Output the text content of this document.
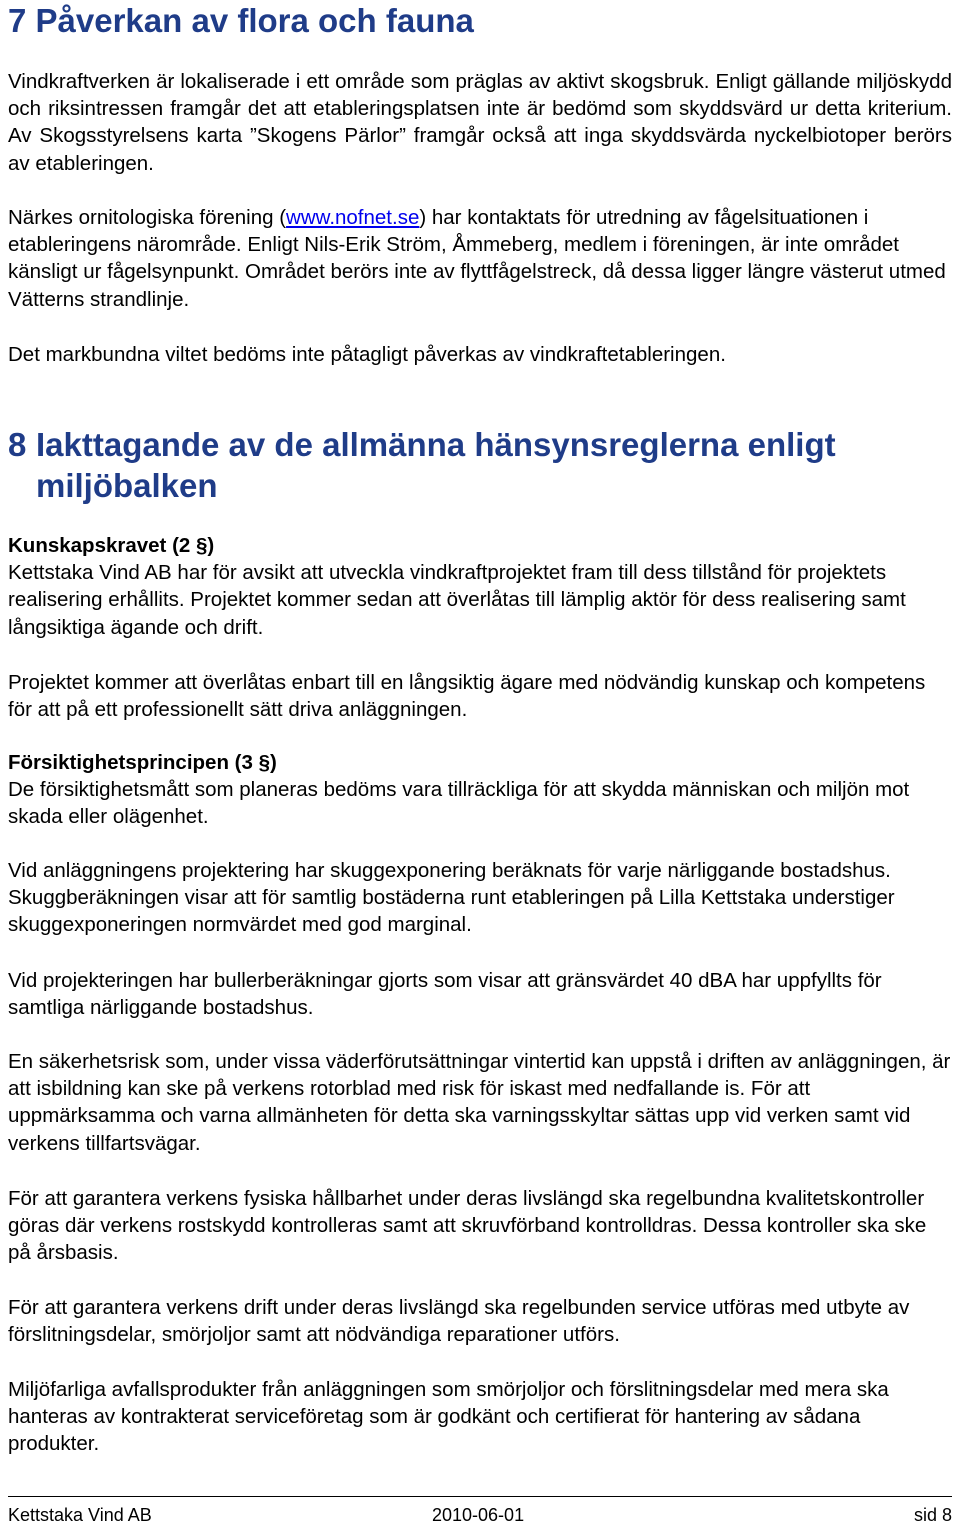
7 Påverkan av flora och fauna

Vindkraftverken är lokaliserade i ett område som präglas av aktivt skogsbruk. Enligt gällande miljöskydd och riksintressen framgår det att etableringsplatsen inte är bedömd som skyddsvärd ur detta kriterium. Av Skogsstyrelsens karta ”Skogens Pärlor” framgår också att inga skyddsvärda nyckelbiotoper berörs av etableringen.

Närkes ornitologiska förening (www.nofnet.se) har kontaktats för utredning av fågelsituationen i etableringens närområde. Enligt Nils-Erik Ström, Åmmeberg, medlem i föreningen, är inte området känsligt ur fågelsynpunkt. Området berörs inte av flyttfågelstreck, då dessa ligger längre västerut utmed Vätterns strandlinje.

Det markbundna viltet bedöms inte påtagligt påverkas av vindkraftetableringen.

8 Iakttagande av de allmänna hänsynsreglerna enligt
miljöbalken

Kunskapskravet (2 §)
Kettstaka Vind AB har för avsikt att utveckla vindkraftprojektet fram till dess tillstånd för projektets realisering erhållits. Projektet kommer sedan att överlåtas till lämplig aktör för dess realisering samt långsiktiga ägande och drift.

Projektet kommer att överlåtas enbart till en långsiktig ägare med nödvändig kunskap och kompetens för att på ett professionellt sätt driva anläggningen.

Försiktighetsprincipen (3 §)
De försiktighetsmått som planeras bedöms vara tillräckliga för att skydda människan och miljön mot skada eller olägenhet.

Vid anläggningens projektering har skuggexponering beräknats för varje närliggande bostadshus. Skuggberäkningen visar att för samtlig bostäderna runt etableringen på Lilla Kettstaka understiger skuggexponeringen normvärdet med god marginal.

Vid projekteringen har bullerberäkningar gjorts som visar att gränsvärdet 40 dBA har uppfyllts för samtliga närliggande bostadshus.

En säkerhetsrisk som, under vissa väderförutsättningar vintertid kan uppstå i driften av anläggningen, är att isbildning kan ske på verkens rotorblad med risk för iskast med nedfallande is. För att uppmärksamma och varna allmänheten för detta ska varningsskyltar sättas upp vid verken samt vid verkens tillfartsvägar.

För att garantera verkens fysiska hållbarhet under deras livslängd ska regelbundna kvalitetskontroller göras där verkens rostskydd kontrolleras samt att skruvförband kontrolldras. Dessa kontroller ska ske på årsbasis.

För att garantera verkens drift under deras livslängd ska regelbunden service utföras med utbyte av förslitningsdelar, smörjoljor samt att nödvändiga reparationer utförs.

Miljöfarliga avfallsprodukter från anläggningen som smörjoljor och förslitningsdelar med mera ska hanteras av kontrakterat serviceföretag som är godkänt och certifierat för hantering av sådana produkter.

Kettstaka Vind AB	2010-06-01	sid 8
